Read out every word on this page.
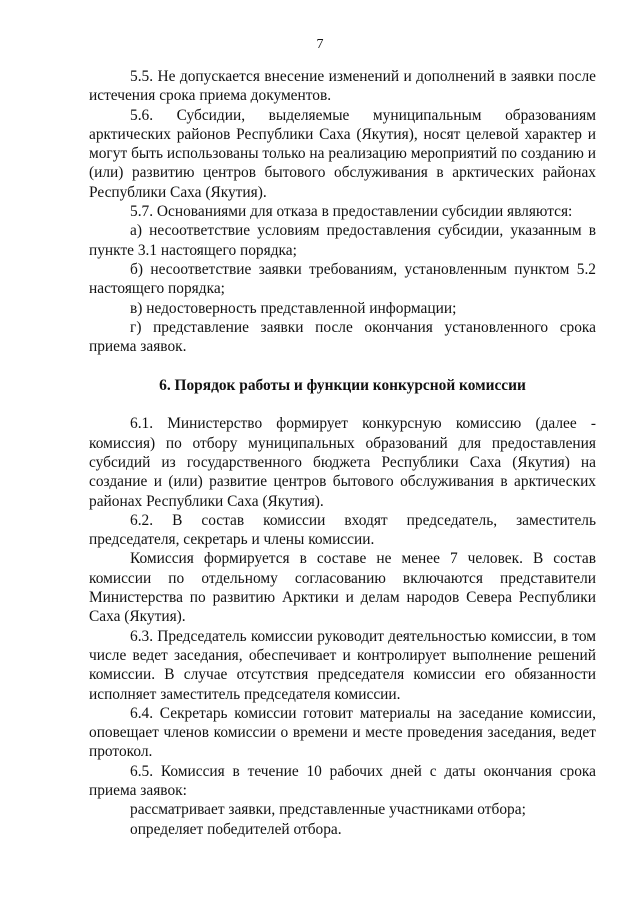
7

5.5. Не допускается внесение изменений и дополнений в заявки после истечения срока приема документов.

5.6. Субсидии, выделяемые муниципальным образованиям арктических районов Республики Саха (Якутия), носят целевой характер и могут быть использованы только на реализацию мероприятий по созданию и (или) развитию центров бытового обслуживания в арктических районах Республики Саха (Якутия).

5.7. Основаниями для отказа в предоставлении субсидии являются:

а) несоответствие условиям предоставления субсидии, указанным в пункте 3.1 настоящего порядка;

б) несоответствие заявки требованиям, установленным пунктом 5.2 настоящего порядка;

в) недостоверность представленной информации;

г) представление заявки после окончания установленного срока приема заявок.

6. Порядок работы и функции конкурсной комиссии

6.1. Министерство формирует конкурсную комиссию (далее - комиссия) по отбору муниципальных образований для предоставления субсидий из государственного бюджета Республики Саха (Якутия) на создание и (или) развитие центров бытового обслуживания в арктических районах Республики Саха (Якутия).

6.2. В состав комиссии входят председатель, заместитель председателя, секретарь и члены комиссии.

Комиссия формируется в составе не менее 7 человек. В состав комиссии по отдельному согласованию включаются представители Министерства по развитию Арктики и делам народов Севера Республики Саха (Якутия).

6.3. Председатель комиссии руководит деятельностью комиссии, в том числе ведет заседания, обеспечивает и контролирует выполнение решений комиссии. В случае отсутствия председателя комиссии его обязанности исполняет заместитель председателя комиссии.

6.4. Секретарь комиссии готовит материалы на заседание комиссии, оповещает членов комиссии о времени и месте проведения заседания, ведет протокол.

6.5. Комиссия в течение 10 рабочих дней с даты окончания срока приема заявок:

рассматривает заявки, представленные участниками отбора;

определяет победителей отбора.
